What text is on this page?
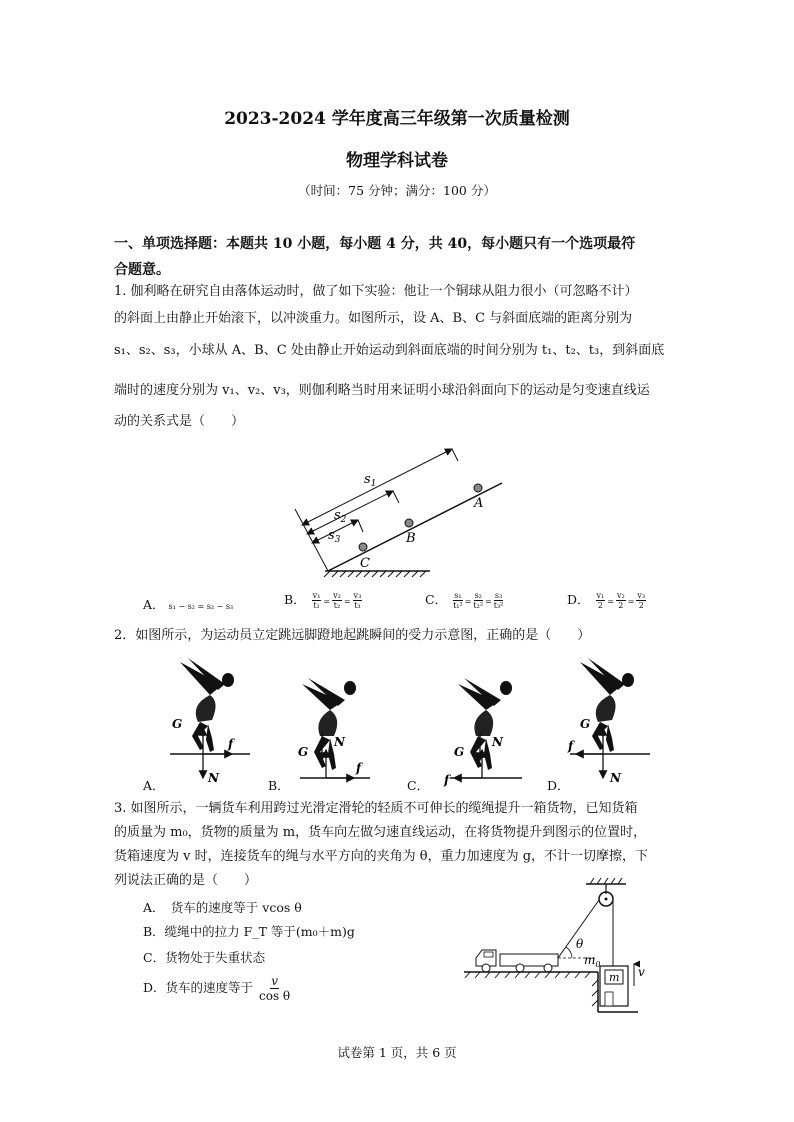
2023-2024 学年度高三年级第一次质量检测
物理学科试卷
（时间：75 分钟；满分：100 分）
一、单项选择题：本题共 10 小题，每小题 4 分，共 40，每小题只有一个选项最符
合题意。
1. 伽利略在研究自由落体运动时，做了如下实验：他让一个铜球从阻力很小（可忽略不计）
的斜面上由静止开始滚下，以冲淡重力。如图所示，设 A、B、C 与斜面底端的距离分别为
s₁、s₂、s₃，小球从 A、B、C 处由静止开始运动到斜面底端的时间分别为 t₁、t₂、t₃，到斜面底
端时的速度分别为 v₁、v₂、v₃，则伽利略当时用来证明小球沿斜面向下的运动是匀变速直线运
动的关系式是（　　）
$s_1$
$s_2$
$s_3$
A
B
C
A． s₁ − s₂ = s₂ − s₃	B． $\frac{\text{v₁}}{\text{t₁}} = \frac{\text{v₂}}{\text{t₂}} = \frac{\text{v₃}}{\text{t₃}}$	C． $\frac{\text{s₁}}{\text{t₁²}} = \frac{\text{s₂}}{\text{t₂²}} = \frac{\text{s₃}}{\text{t₃²}}$	D． $\frac{\text{v₁}}{2} = \frac{\text{v₂}}{2} = \frac{\text{v₃}}{2}$
2．如图所示，为运动员立定跳远脚蹬地起跳瞬间的受力示意图，正确的是（　　）
G
N
f
G
N
f
G
N
f
G
N
f
A．	B．	C．	D．
3. 如图所示，一辆货车利用跨过光滑定滑轮的轻质不可伸长的缆绳提升一箱货物，已知货箱
的质量为 m₀，货物的质量为 m，货车向左做匀速直线运动，在将货物提升到图示的位置时，
货箱速度为 v 时，连接货车的绳与水平方向的夹角为 θ，重力加速度为 g，不计一切摩擦，下
列说法正确的是（　　）
A．　货车的速度等于 vcos θ
B．缆绳中的拉力 F_T 等于(m₀＋m)g
C．货物处于失重状态
D．货车的速度等于 $\frac{v}{\text{cos θ}}$
θ
$m_0$
m v
试卷第 1 页，共 6 页
